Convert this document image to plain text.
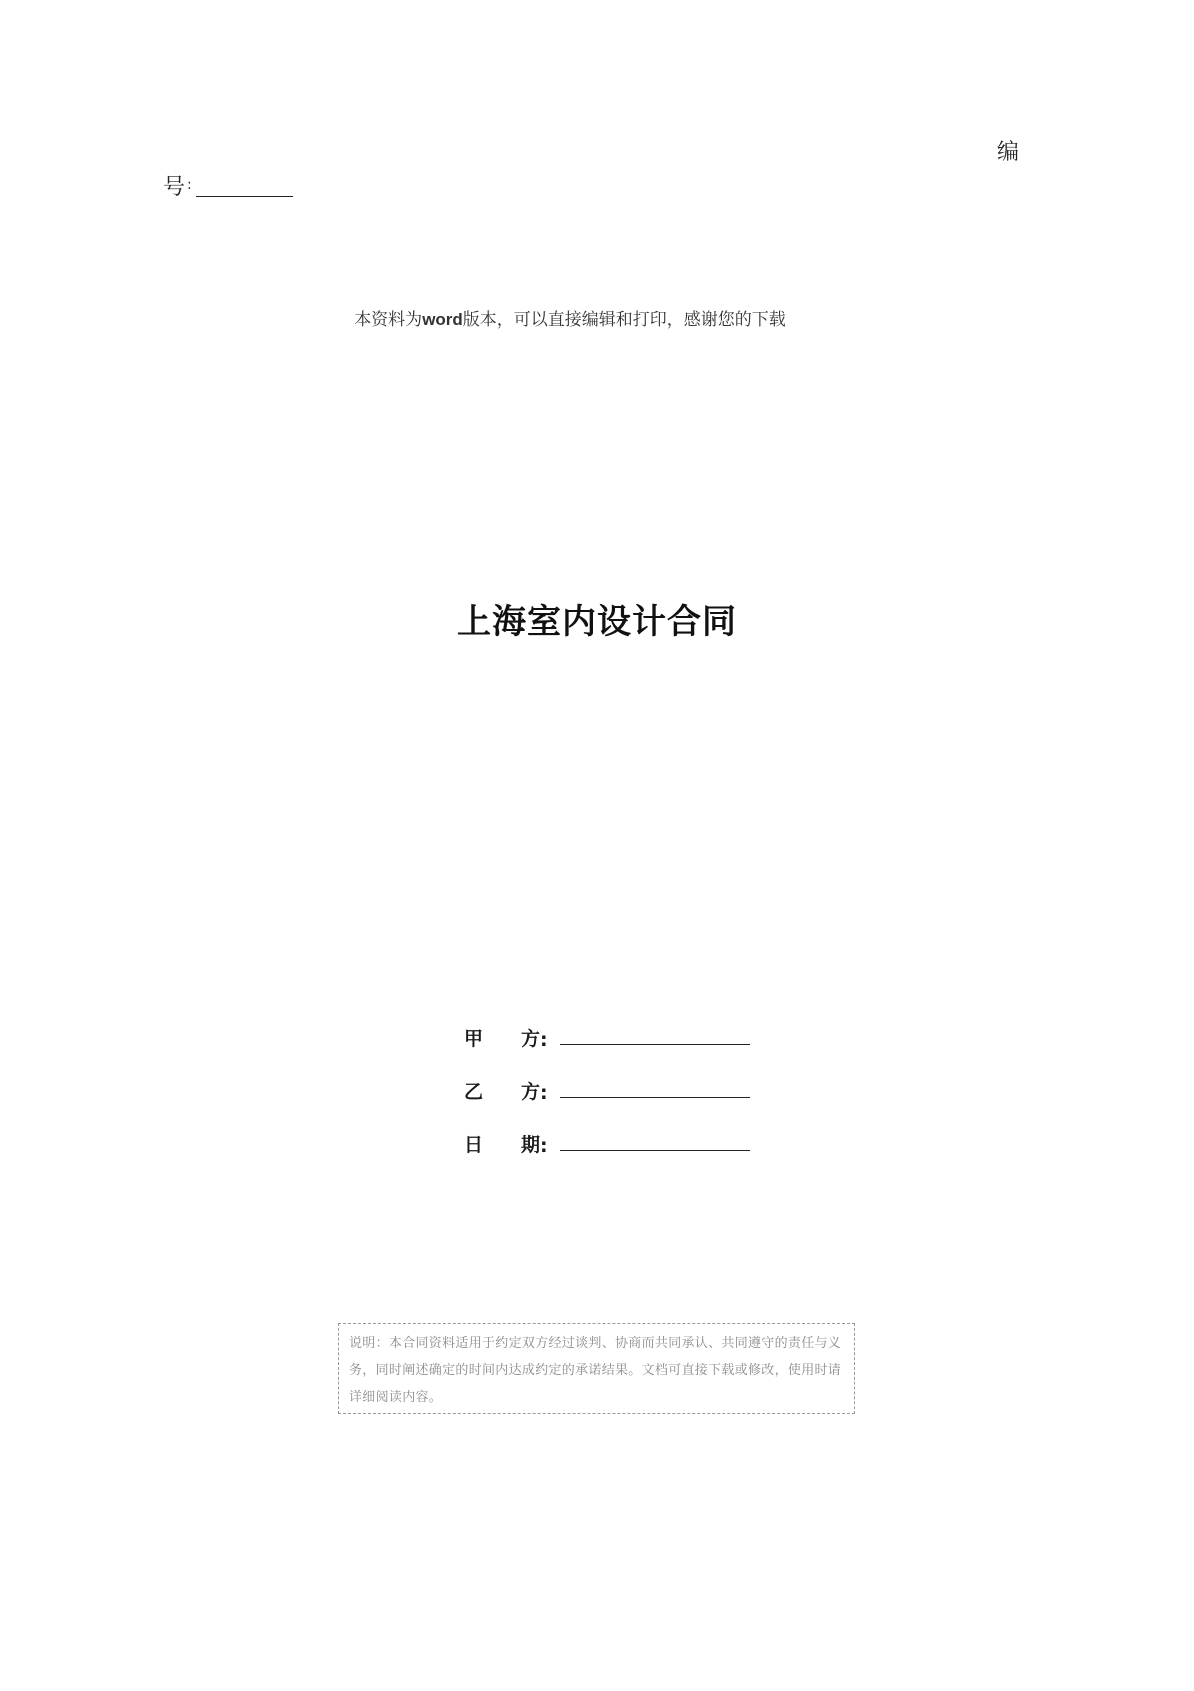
编
号 :
本资料为word版本，可以直接编辑和打印，感谢您的下载
上海室内设计合同
甲 方 :
乙 方 :
日 期 :
说明：本合同资料适用于约定双方经过谈判、协商而共同承认、共同遵守的责任与义务，同时阐述确定的时间内达成约定的承诺结果。文档可直接下载或修改，使用时请详细阅读内容。
